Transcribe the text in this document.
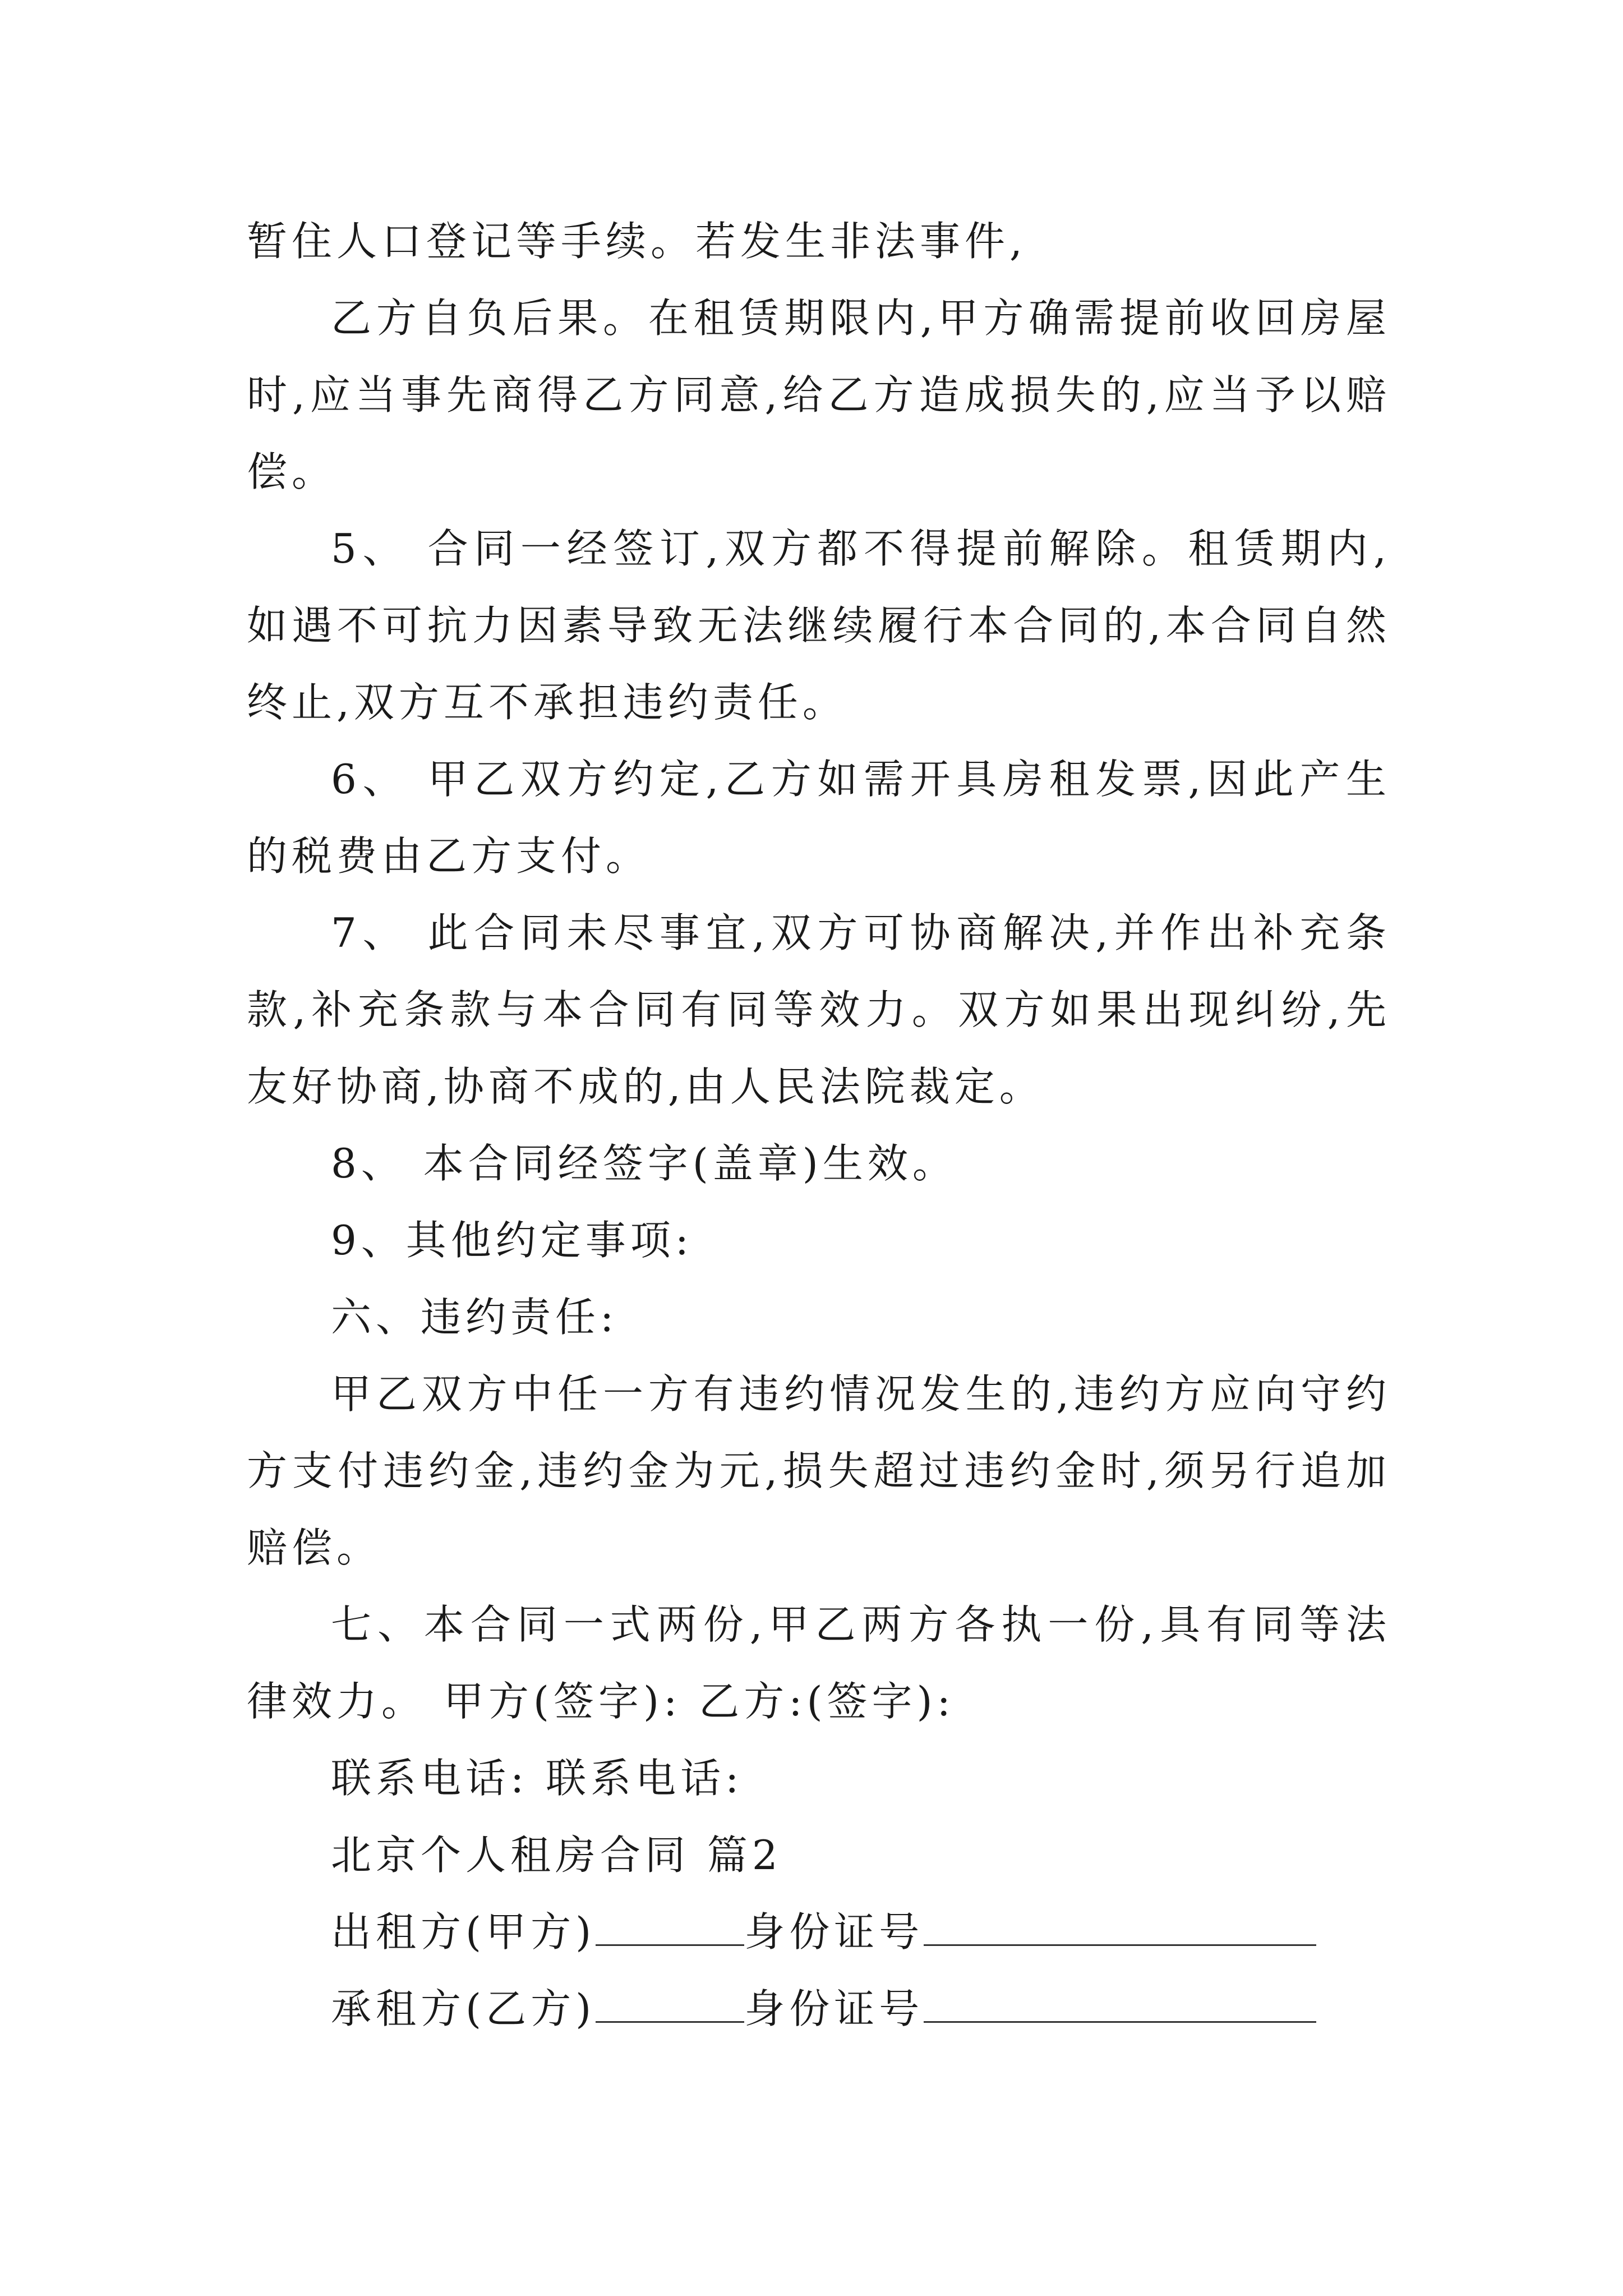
暂住人口登记等手续。若发生非法事件,

乙方自负后果。在租赁期限内,甲方确需提前收回房屋时,应当事先商得乙方同意,给乙方造成损失的,应当予以赔偿。

5、 合同一经签订,双方都不得提前解除。租赁期内,如遇不可抗力因素导致无法继续履行本合同的,本合同自然终止,双方互不承担违约责任。

6、 甲乙双方约定,乙方如需开具房租发票,因此产生的税费由乙方支付。

7、 此合同未尽事宜,双方可协商解决,并作出补充条款,补充条款与本合同有同等效力。双方如果出现纠纷,先友好协商,协商不成的,由人民法院裁定。

8、 本合同经签字(盖章)生效。

9、其他约定事项:

六、违约责任:

甲乙双方中任一方有违约情况发生的,违约方应向守约方支付违约金,违约金为元,损失超过违约金时,须另行追加赔偿。

七、本合同一式两份,甲乙两方各执一份,具有同等法律效力。 甲方(签字): 乙方:(签字):

联系电话: 联系电话:

北京个人租房合同 篇2

出租方(甲方)	身份证号

承租方(乙方)	身份证号
